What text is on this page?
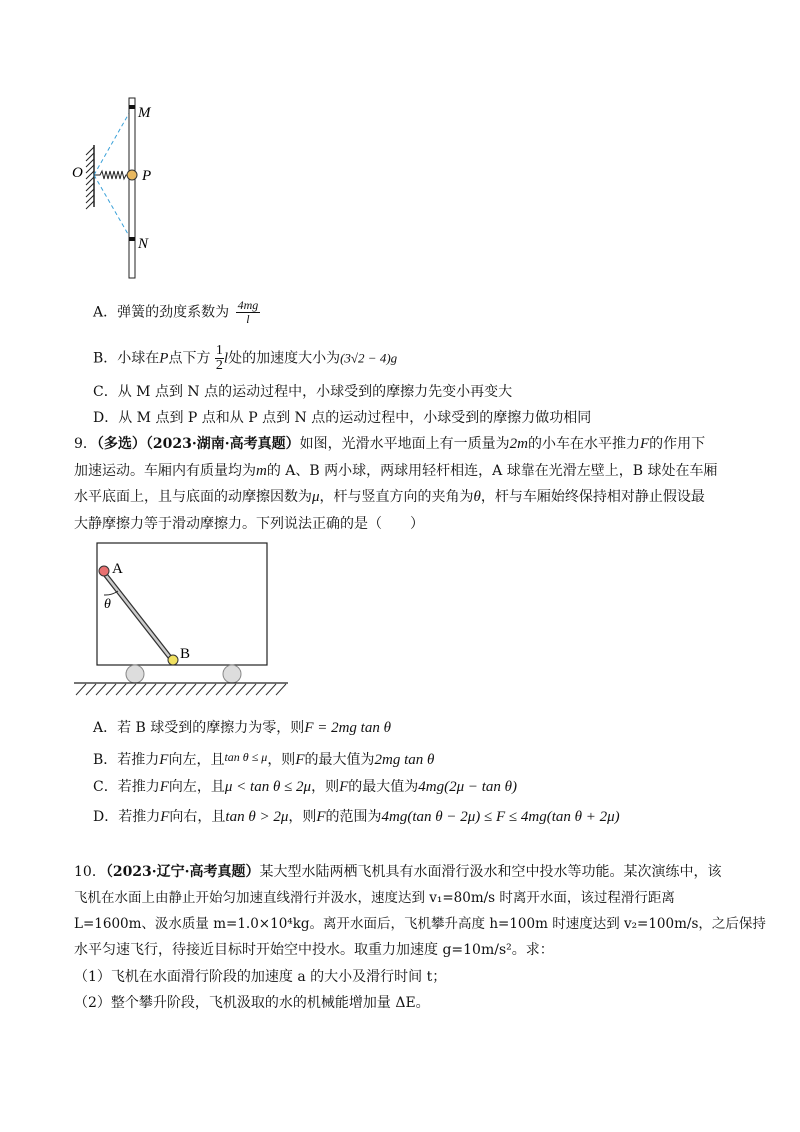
M
P
N
O
A．弹簧的劲度系数为 $\frac{4mg}{l}$
B．小球在P点下方 $\frac{1}{2}$ l处的加速度大小为(3√2 − 4)g
C．从 M 点到 N 点的运动过程中，小球受到的摩擦力先变小再变大
D．从 M 点到 P 点和从 P 点到 N 点的运动过程中，小球受到的摩擦力做功相同
9．（多选）（2023·湖南·高考真题）如图，光滑水平地面上有一质量为2m的小车在水平推力F的作用下
加速运动。车厢内有质量均为m的 A、B 两小球，两球用轻杆相连，A 球靠在光滑左壁上，B 球处在车厢
水平底面上，且与底面的动摩擦因数为μ，杆与竖直方向的夹角为θ，杆与车厢始终保持相对静止假设最
大静摩擦力等于滑动摩擦力。下列说法正确的是（　　）
A
θ
B
A．若 B 球受到的摩擦力为零，则F = 2mg tan θ
B．若推力F向左，且tan θ ≤ μ，则F的最大值为2mg tan θ
C．若推力F向左，且μ < tan θ ≤ 2μ，则F的最大值为4mg(2μ − tan θ)
D．若推力F向右，且tan θ > 2μ，则F的范围为4mg(tan θ − 2μ) ≤ F ≤ 4mg(tan θ + 2μ)
10．（2023·辽宁·高考真题）某大型水陆两栖飞机具有水面滑行汲水和空中投水等功能。某次演练中，该
飞机在水面上由静止开始匀加速直线滑行并汲水，速度达到 v₁=80m/s 时离开水面，该过程滑行距离
L=1600m、汲水质量 m=1.0×10⁴kg。离开水面后，飞机攀升高度 h=100m 时速度达到 v₂=100m/s，之后保持
水平匀速飞行，待接近目标时开始空中投水。取重力加速度 g=10m/s²。求：
（1）飞机在水面滑行阶段的加速度 a 的大小及滑行时间 t；
（2）整个攀升阶段，飞机汲取的水的机械能增加量 ΔE。
